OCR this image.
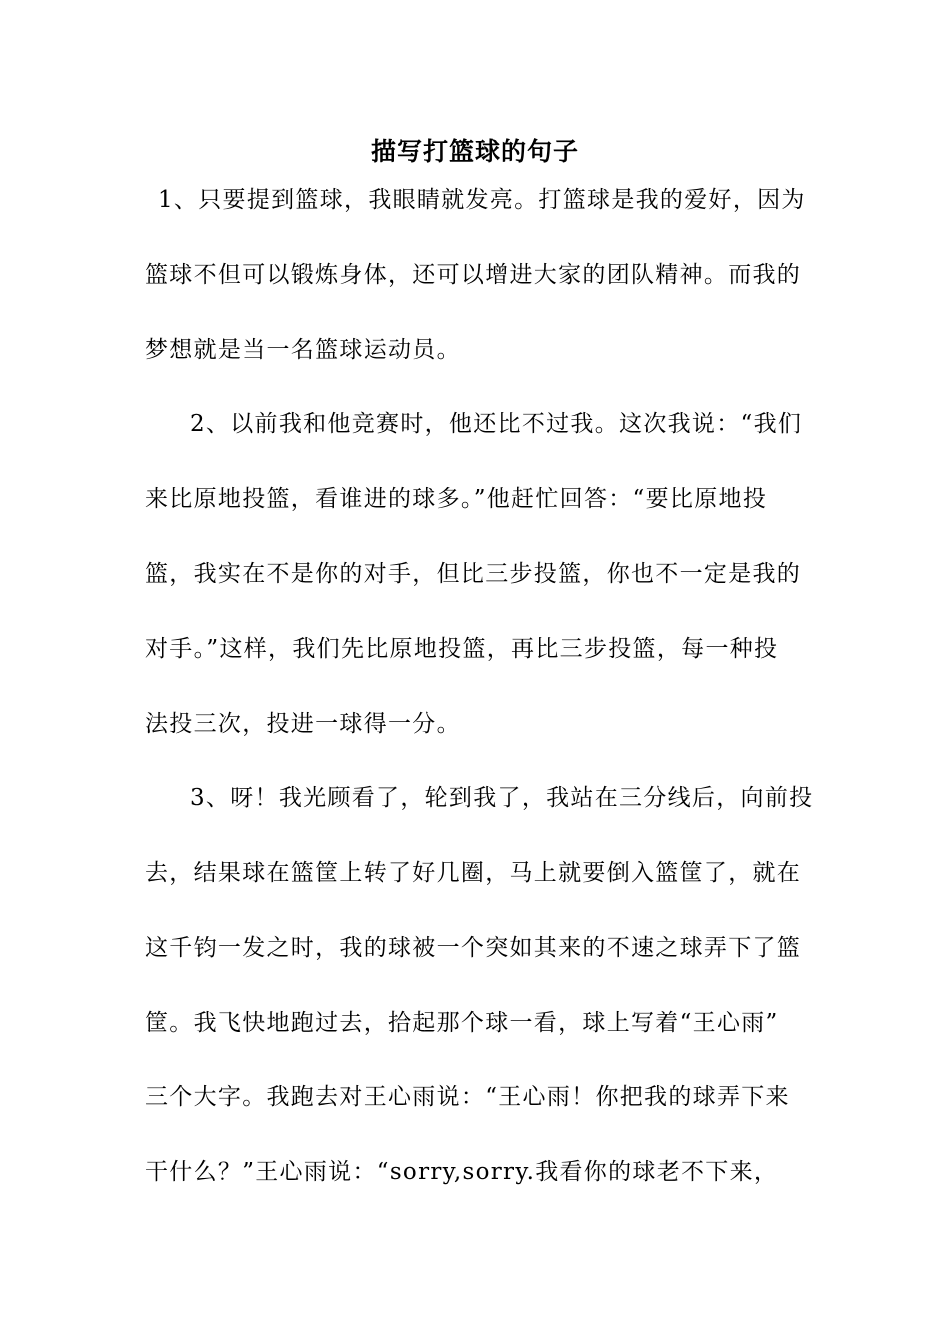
描写打篮球的句子
1、只要提到篮球，我眼睛就发亮。打篮球是我的爱好，因为
篮球不但可以锻炼身体，还可以增进大家的团队精神。而我的
梦想就是当一名篮球运动员。
2、以前我和他竞赛时，他还比不过我。这次我说：“我们
来比原地投篮，看谁进的球多。”他赶忙回答：“要比原地投
篮，我实在不是你的对手，但比三步投篮，你也不一定是我的
对手。”这样，我们先比原地投篮，再比三步投篮，每一种投
法投三次，投进一球得一分。
3、呀！我光顾看了，轮到我了，我站在三分线后，向前投
去，结果球在篮筐上转了好几圈，马上就要倒入篮筐了，就在
这千钧一发之时，我的球被一个突如其来的不速之球弄下了篮
筐。我飞快地跑过去，拾起那个球一看，球上写着“王心雨”
三个大字。我跑去对王心雨说：“王心雨！你把我的球弄下来
干什么？”王心雨说：“sorry,sorry.我看你的球老不下来，
